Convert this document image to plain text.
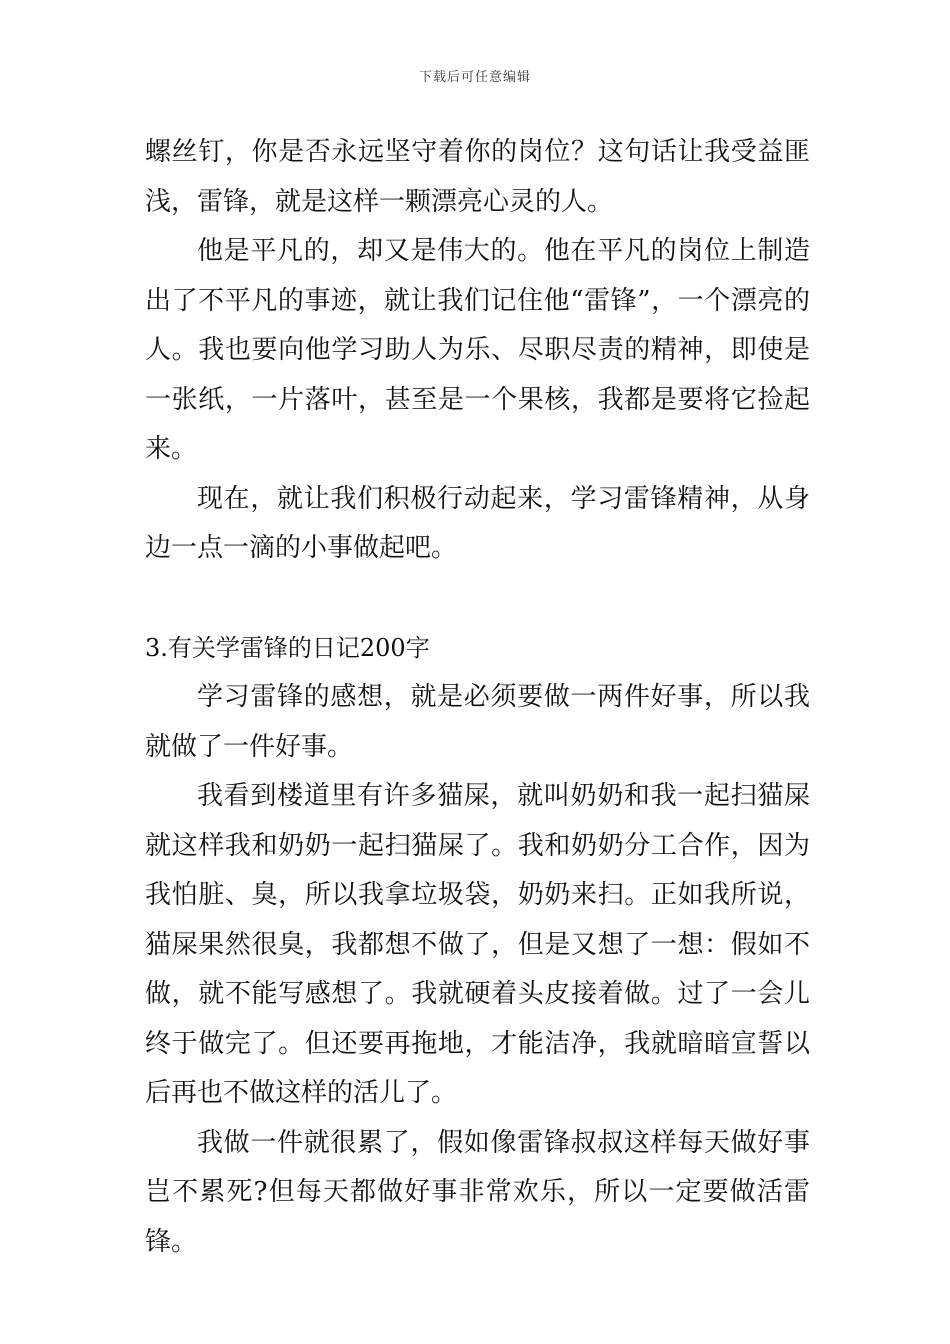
下载后可任意编辑

螺丝钉，你是否永远坚守着你的岗位？这句话让我受益匪浅，雷锋，就是这样一颗漂亮心灵的人。

他是平凡的，却又是伟大的。他在平凡的岗位上制造出了不平凡的事迹，就让我们记住他“雷锋”，一个漂亮的人。我也要向他学习助人为乐、尽职尽责的精神，即使是一张纸，一片落叶，甚至是一个果核，我都是要将它捡起来。

现在，就让我们积极行动起来，学习雷锋精神，从身边一点一滴的小事做起吧。

3.有关学雷锋的日记200字

学习雷锋的感想，就是必须要做一两件好事，所以我就做了一件好事。

我看到楼道里有许多猫屎，就叫奶奶和我一起扫猫屎就这样我和奶奶一起扫猫屎了。我和奶奶分工合作，因为我怕脏、臭，所以我拿垃圾袋，奶奶来扫。正如我所说，猫屎果然很臭，我都想不做了，但是又想了一想：假如不做，就不能写感想了。我就硬着头皮接着做。过了一会儿终于做完了。但还要再拖地，才能洁净，我就暗暗宣誓以后再也不做这样的活儿了。

我做一件就很累了，假如像雷锋叔叔这样每天做好事岂不累死?但每天都做好事非常欢乐，所以一定要做活雷锋。
